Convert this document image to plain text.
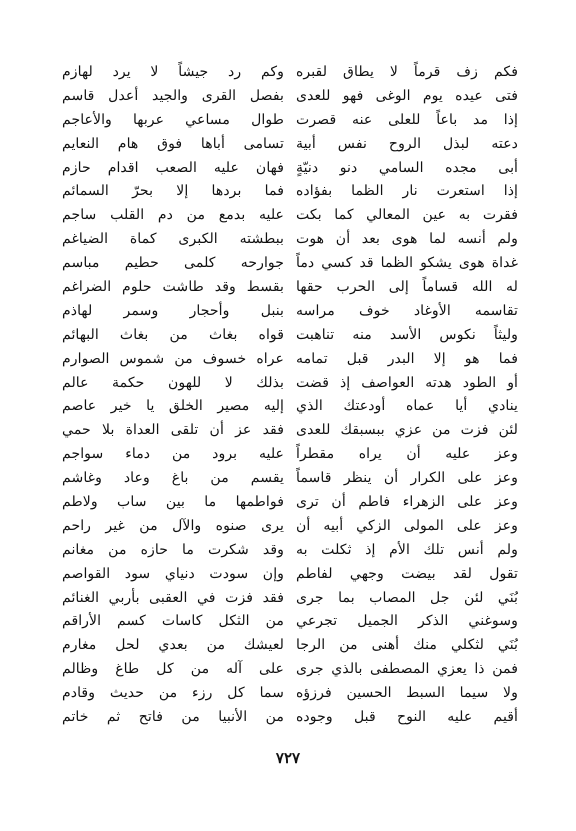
فكم زف قرماً لا يطاق لقبره
فتى عيده يوم الوغى فهو للعدى
إذا مد باعاً للعلى عنه قصرت
دعته لبذل الروح نفس أبية
أبى مجده السامي دنو دنيّةٍ
إذا استعرت نار الظما بفؤاده
فقرت به عين المعالي كما بكت
ولم أنسه لما هوى بعد أن هوت
غداة هوى يشكو الظما قد كسي دماً
له الله قساماً إلى الحرب حقها
تقاسمه الأوغاد خوف مراسه
وليثاً نكوس الأسد منه تناهبت
فما هو إلا البدر قبل تمامه
أو الطود هدته العواصف إذ قضت
ينادي أيا عماه أودعتك الذي
لئن فزت من عزي ببسبقك للعدى
وعز عليه أن يراه مقطراً
وعز على الكرار أن ينظر قاسماً
وعز على الزهراء فاطم أن ترى
وعز على المولى الزكي أبيه أن
ولم أنس تلك الأم إذ ثكلت به
تقول لقد بيضت وجهي لفاطم
بُنَي لئن جل المصاب بما جرى
وسوغني الذكر الجميل تجرعي
بُنَي لثكلي منك أهنى من الرجا
فمن ذا يعزي المصطفى بالذي جرى
ولا سيما السبط الحسين فرزؤه
أقيم عليه النوح قبل وجوده
وكم رد جيشاً لا يرد لهازم
بفصل القرى والجيد أعدل قاسم
طوال مساعي عربها والأعاجم
تسامى أباها فوق هام النعايم
فهان عليه الصعب اقدام حازم
فما بردها إلا بحرّ السمائم
عليه بدمع من دم القلب ساجم
ببطشته الكبرى كماة الضياغم
جوارحه كلمى حطيم مباسم
بقسط وقد طاشت حلوم الضراغم
بنبل وأحجار وسمر لهاذم
قواه بغاث من بغاث البهائم
عراه خسوف من شموس الصوارم
بذلك لا للهون حكمة عالم
إليه مصير الخلق يا خير عاصم
فقد عز أن تلقى العداة بلا حمي
عليه برود من دماء سواجم
يقسم من باغ وعاد وغاشم
فواطمها ما بين ساب ولاطم
يرى صنوه والآل من غير راحم
وقد شكرت ما حازه من مغانم
وإن سودت دنياي سود القواصم
فقد فزت في العقبى بأربي الغنائم
من الثكل كاسات كسم الأراقم
لعيشك من بعدي لحل مغارم
على آله من كل طاغ وظالم
سما كل رزء من حديث وقادم
من الأنبيا من فاتح ثم خاتم
٧٢٧
